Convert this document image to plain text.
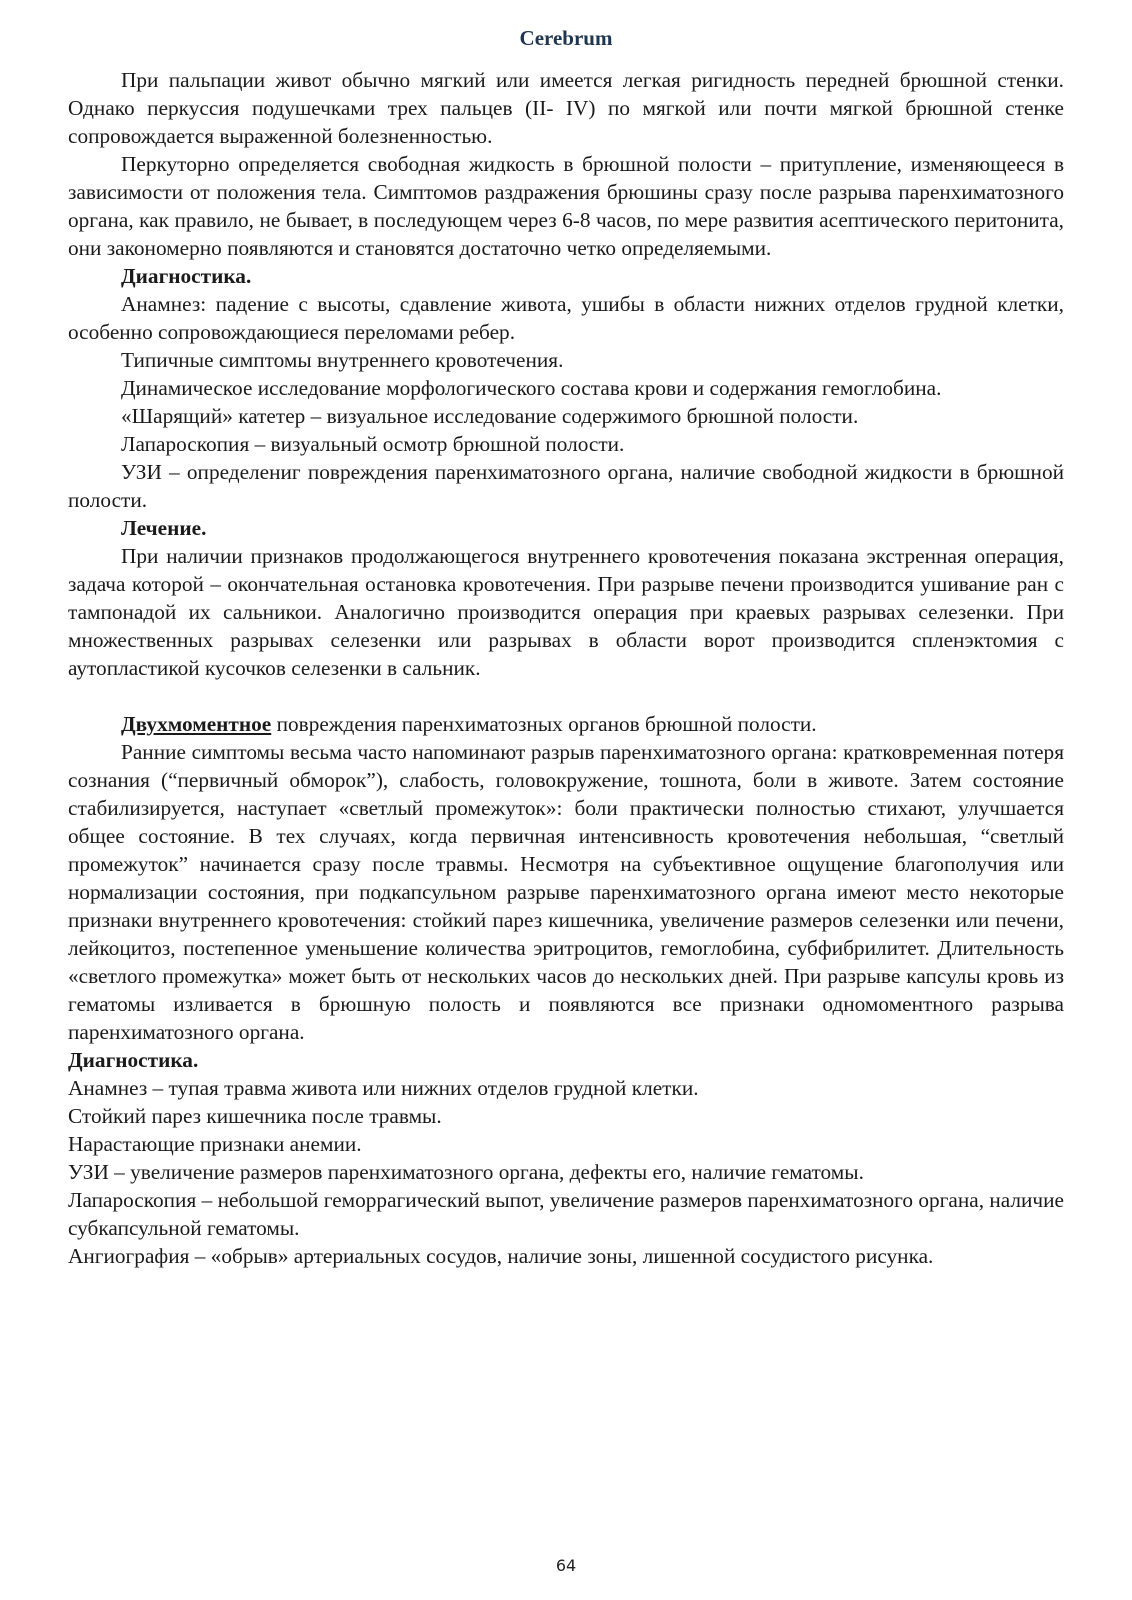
Cerebrum

При пальпации живот обычно мягкий или имеется легкая ригидность передней брюшной стенки. Однако перкуссия подушечками трех пальцев (II- IV) по мягкой или почти мягкой брюшной стенке сопровождается выраженной болезненностью.

Перкуторно определяется свободная жидкость в брюшной полости – притупление, изменяющееся в зависимости от положения тела. Симптомов раздражения брюшины сразу после разрыва паренхиматозного органа, как правило, не бывает, в последующем через 6-8 часов, по мере развития асептического перитонита, они закономерно появляются и становятся достаточно четко определяемыми.

Диагностика.

Анамнез: падение с высоты, сдавление живота, ушибы в области нижних отделов грудной клетки, особенно сопровождающиеся переломами ребер.

Типичные симптомы внутреннего кровотечения.

Динамическое исследование морфологического состава крови и содержания гемоглобина.

«Шарящий» катетер – визуальное исследование содержимого брюшной полости.

Лапароскопия – визуальный осмотр брюшной полости.

УЗИ – определениг повреждения паренхиматозного органа, наличие свободной жидкости в брюшной полости.

Лечение.

При наличии признаков продолжающегося внутреннего кровотечения показана экстренная операция, задача которой – окончательная остановка кровотечения. При разрыве печени производится ушивание ран с тампонадой их сальникои. Аналогично производится операция при краевых разрывах селезенки. При множественных разрывах селезенки или разрывах в области ворот производится спленэктомия с аутопластикой кусочков селезенки в сальник.

Двухмоментное повреждения паренхиматозных органов брюшной полости.

Ранние симптомы весьма часто напоминают разрыв паренхиматозного органа: кратковременная потеря сознания (“первичный обморок”), слабость, головокружение, тошнота, боли в животе. Затем состояние стабилизируется, наступает «светлый промежуток»: боли практически полностью стихают, улучшается общее состояние. В тех случаях, когда первичная интенсивность кровотечения небольшая, “светлый промежуток” начинается сразу после травмы. Несмотря на субъективное ощущение благополучия или нормализации состояния, при подкапсульном разрыве паренхиматозного органа имеют место некоторые признаки внутреннего кровотечения: стойкий парез кишечника, увеличение размеров селезенки или печени, лейкоцитоз, постепенное уменьшение количества эритроцитов, гемоглобина, субфибрилитет. Длительность «светлого промежутка» может быть от нескольких часов до нескольких дней. При разрыве капсулы кровь из гематомы изливается в брюшную полость и появляются все признаки одномоментного разрыва паренхиматозного органа.

Диагностика.

Анамнез – тупая травма живота или нижних отделов грудной клетки.

Стойкий парез кишечника после травмы.

Нарастающие признаки анемии.

УЗИ – увеличение размеров паренхиматозного органа, дефекты его, наличие гематомы.

Лапароскопия – небольшой геморрагический выпот, увеличение размеров паренхиматозного органа, наличие субкапсульной гематомы.

Ангиография – «обрыв» артериальных сосудов, наличие зоны, лишенной сосудистого рисунка.

64
